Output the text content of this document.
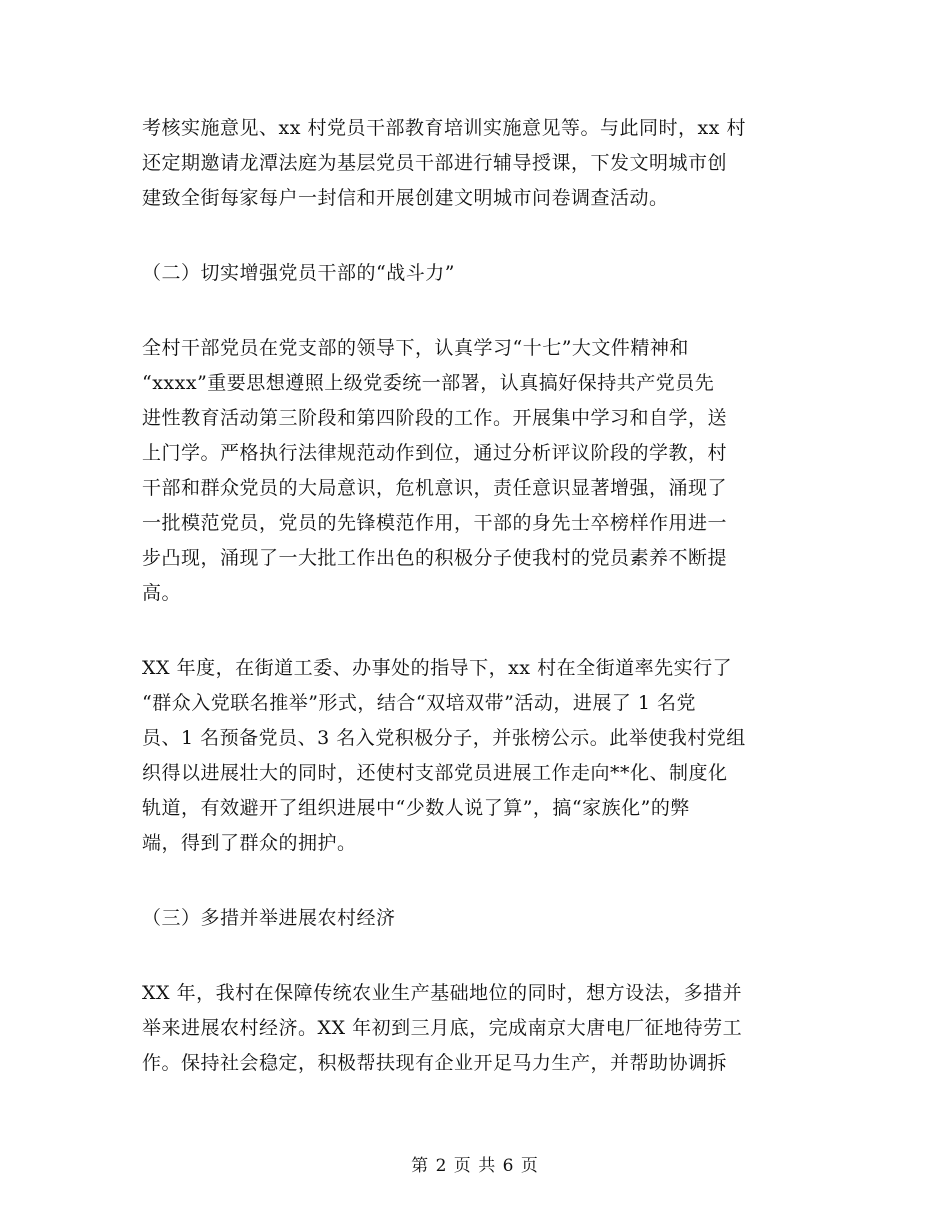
考核实施意见、xx 村党员干部教育培训实施意见等。与此同时，xx 村
还定期邀请龙潭法庭为基层党员干部进行辅导授课，下发文明城市创
建致全街每家每户一封信和开展创建文明城市问卷调查活动。
（二）切实增强党员干部的“战斗力”
全村干部党员在党支部的领导下，认真学习“十七”大文件精神和
“xxxx”重要思想遵照上级党委统一部署，认真搞好保持共产党员先
进性教育活动第三阶段和第四阶段的工作。开展集中学习和自学，送
上门学。严格执行法律规范动作到位，通过分析评议阶段的学教，村
干部和群众党员的大局意识，危机意识，责任意识显著增强，涌现了
一批模范党员，党员的先锋模范作用，干部的身先士卒榜样作用进一
步凸现，涌现了一大批工作出色的积极分子使我村的党员素养不断提
高。
XX 年度，在街道工委、办事处的指导下，xx 村在全街道率先实行了
“群众入党联名推举”形式，结合“双培双带”活动，进展了 1 名党
员、1 名预备党员、3 名入党积极分子，并张榜公示。此举使我村党组
织得以进展壮大的同时，还使村支部党员进展工作走向**化、制度化
轨道，有效避开了组织进展中“少数人说了算”，搞“家族化”的弊
端，得到了群众的拥护。
（三）多措并举进展农村经济
XX 年，我村在保障传统农业生产基础地位的同时，想方设法，多措并
举来进展农村经济。XX 年初到三月底，完成南京大唐电厂征地待劳工
作。保持社会稳定，积极帮扶现有企业开足马力生产，并帮助协调拆
第 2 页 共 6 页
